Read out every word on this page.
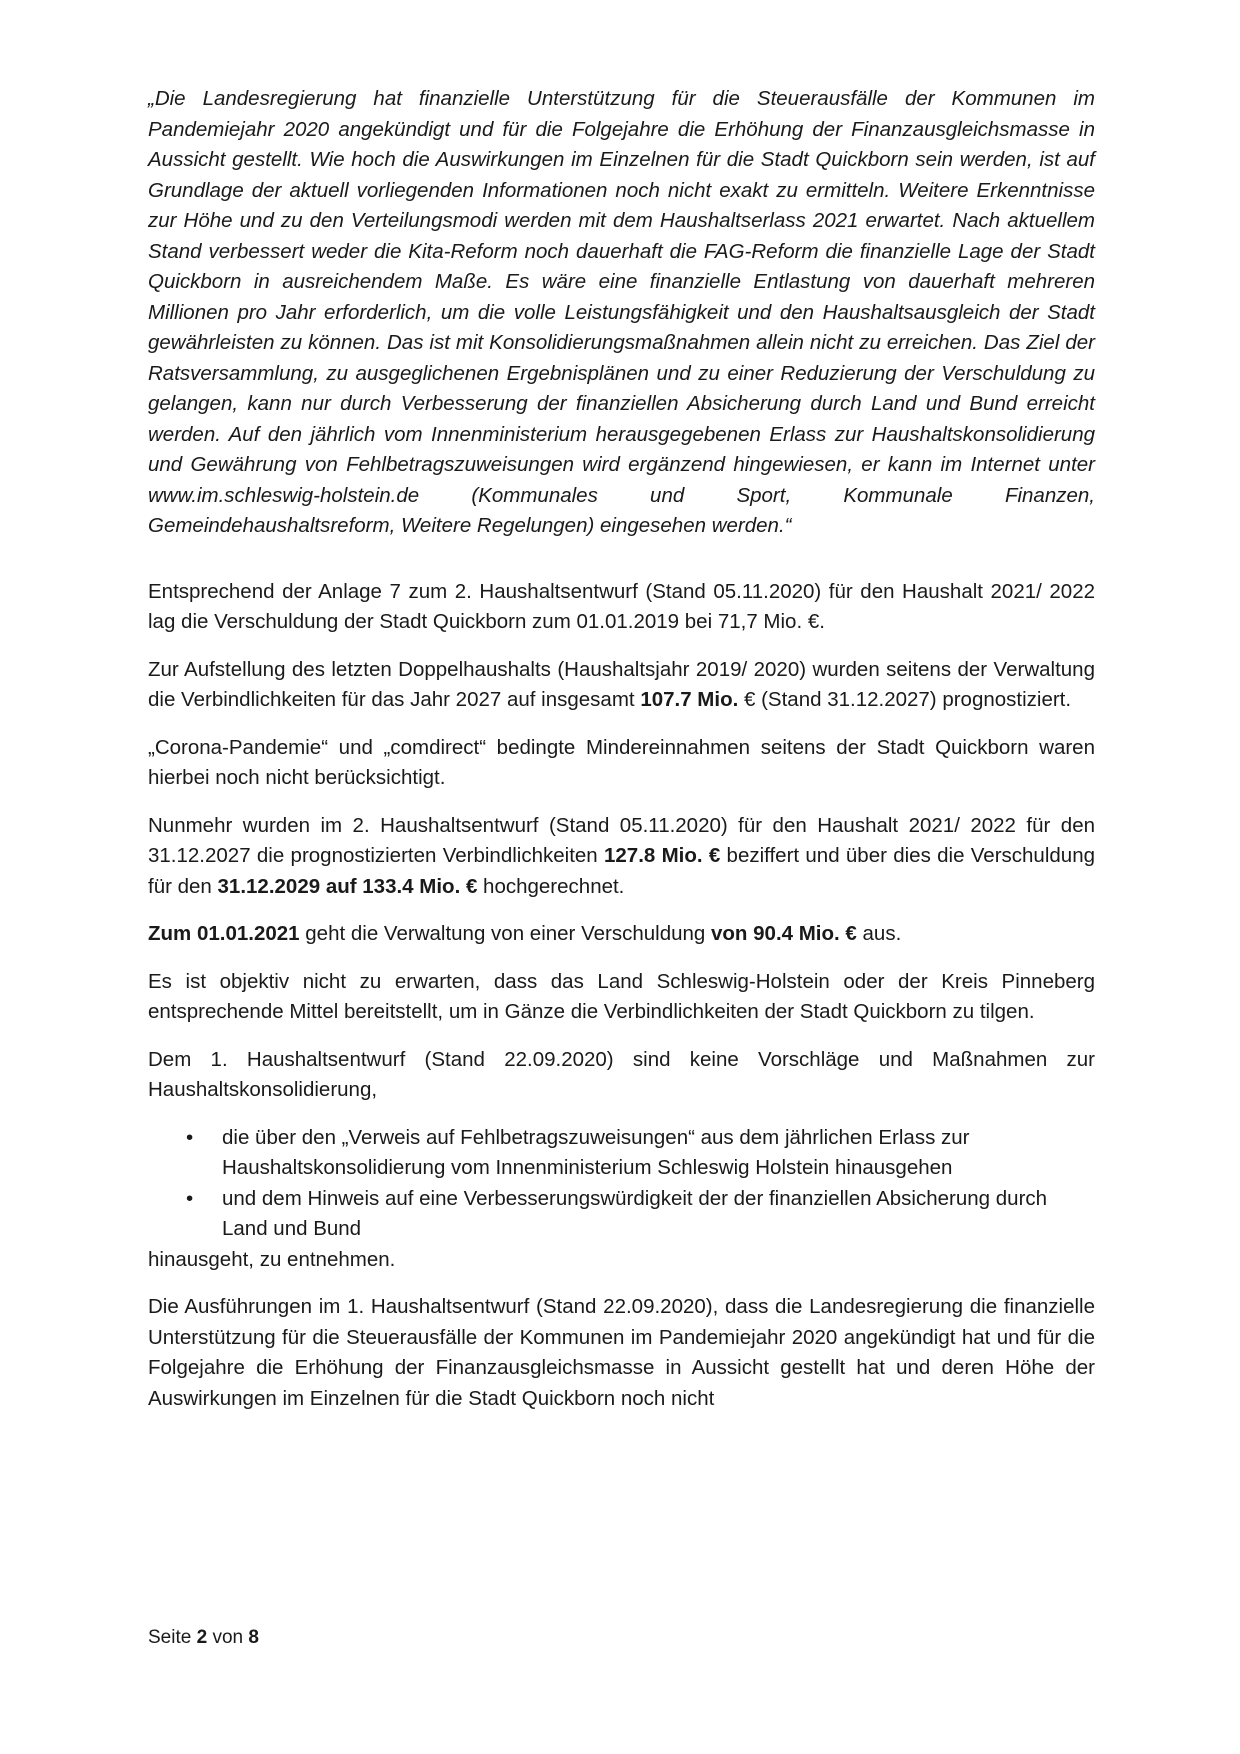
„Die Landesregierung hat finanzielle Unterstützung für die Steuerausfälle der Kommunen im Pandemiejahr 2020 angekündigt und für die Folgejahre die Erhöhung der Finanzausgleichsmasse in Aussicht gestellt. Wie hoch die Auswirkungen im Einzelnen für die Stadt Quickborn sein werden, ist auf Grundlage der aktuell vorliegenden Informationen noch nicht exakt zu ermitteln. Weitere Erkenntnisse zur Höhe und zu den Verteilungsmodi werden mit dem Haushaltserlass 2021 erwartet. Nach aktuellem Stand verbessert weder die Kita-Reform noch dauerhaft die FAG-Reform die finanzielle Lage der Stadt Quickborn in ausreichendem Maße. Es wäre eine finanzielle Entlastung von dauerhaft mehreren Millionen pro Jahr erforderlich, um die volle Leistungsfähigkeit und den Haushaltsausgleich der Stadt gewährleisten zu können. Das ist mit Konsolidierungsmaßnahmen allein nicht zu erreichen. Das Ziel der Ratsversammlung, zu ausgeglichenen Ergebnisplänen und zu einer Reduzierung der Verschuldung zu gelangen, kann nur durch Verbesserung der finanziellen Absicherung durch Land und Bund erreicht werden. Auf den jährlich vom Innenministerium herausgegebenen Erlass zur Haushaltskonsolidierung und Gewährung von Fehlbetragszuweisungen wird ergänzend hingewiesen, er kann im Internet unter www.im.schleswig-holstein.de (Kommunales und Sport, Kommunale Finanzen, Gemeindehaushaltsreform, Weitere Regelungen) eingesehen werden.“

Entsprechend der Anlage 7 zum 2. Haushaltsentwurf (Stand 05.11.2020) für den Haushalt 2021/ 2022 lag die Verschuldung der Stadt Quickborn zum 01.01.2019 bei 71,7 Mio. €.

Zur Aufstellung des letzten Doppelhaushalts (Haushaltsjahr 2019/ 2020) wurden seitens der Verwaltung die Verbindlichkeiten für das Jahr 2027 auf insgesamt 107.7 Mio. € (Stand 31.12.2027) prognostiziert.

„Corona-Pandemie“ und „comdirect“ bedingte Mindereinnahmen seitens der Stadt Quickborn waren hierbei noch nicht berücksichtigt.

Nunmehr wurden im 2. Haushaltsentwurf (Stand 05.11.2020) für den Haushalt 2021/ 2022 für den 31.12.2027 die prognostizierten Verbindlichkeiten 127.8 Mio. € beziffert und über dies die Verschuldung für den 31.12.2029 auf 133.4 Mio. € hochgerechnet.

Zum 01.01.2021 geht die Verwaltung von einer Verschuldung von 90.4 Mio. € aus.

Es ist objektiv nicht zu erwarten, dass das Land Schleswig-Holstein oder der Kreis Pinneberg entsprechende Mittel bereitstellt, um in Gänze die Verbindlichkeiten der Stadt Quickborn zu tilgen.

Dem 1. Haushaltsentwurf (Stand 22.09.2020) sind keine Vorschläge und Maßnahmen zur Haushaltskonsolidierung,

• die über den „Verweis auf Fehlbetragszuweisungen“ aus dem jährlichen Erlass zur Haushaltskonsolidierung vom Innenministerium Schleswig Holstein hinausgehen
• und dem Hinweis auf eine Verbesserungswürdigkeit der der finanziellen Absicherung durch Land und Bund

hinausgeht, zu entnehmen.

Die Ausführungen im 1. Haushaltsentwurf (Stand 22.09.2020), dass die Landesregierung die finanzielle Unterstützung für die Steuerausfälle der Kommunen im Pandemiejahr 2020 angekündigt hat und für die Folgejahre die Erhöhung der Finanzausgleichsmasse in Aussicht gestellt hat und deren Höhe der Auswirkungen im Einzelnen für die Stadt Quickborn noch nicht

Seite 2 von 8
